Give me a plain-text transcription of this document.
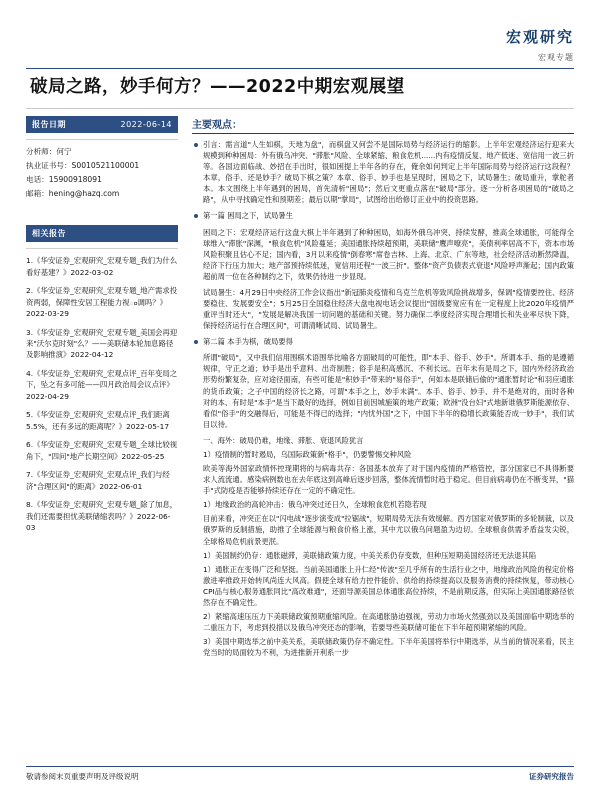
宏观研究
宏观专题
破局之路，妙手何方？——2022中期宏观展望
报告日期	2022-06-14
分析师：何宁
执业证书号：S0010521100001
电话：15900918091
邮箱：hening@hazq.com
相关报告
1.《华安证券_宏观研究_宏观专题_我们为什么看好基建？》2022-03-02
2.《华安证券_宏观研究_宏观专题_地产需求投资两弱，保障性安居工程能力视ం调吗？》2022-03-29
3.《华安证券_宏观研究_宏观专题_美国会再迎来"沃尔克时刻"么？——美联储本轮加息路径及影响推演》2022-04-12
4.《华安证券_宏观研究_宏观点评_百年变局之下，坠之有多可能——四月政治局会议点评》2022-04-29
5.《华安证券_宏观研究_宏观点评_我们距离5.5%，还有多远的距离呢？》2022-05-17
6.《华安证券_宏观研究_宏观专题_全球比较视角下，"四问"地产长期空间》2022-05-25
7.《华安证券_宏观研究_宏观点评_我们与经济"合理区间"的距离》2022-06-01
8.《华安证券_宏观研究_宏观专题_除了加息，我们还需要担忧美联储缩表吗？》2022-06-03
主要观点：
引言：需言道"人生如棋，天地为盘"，而棋盘又何尝不是国际局势与经济运行的缩影。上半年宏观经济运行迎来大规模到种种困局：外有俄乌冲突、"滞胀"风险、全球紧缩、粮食危机......内有疫情反复、地产低迷、宽信用一波三折等。各国边面临战、妙招在手出时，很如困提上半年各的存在，俺余如何判定上半年国际局势与经济运行这段程？本章，俗手、还是妙手？破局下棋之策？本章、俗手、妙手也是呈现时，困局之下，试局暑生；破局重升，掌舵者本。本文围绕上半年遇到的困局，首先清析"困局"；然后文更重点落在"破局"部分。逐一分析各项困局的"破局之路"，从中寻找确定性和预期差；最后以期"掌局"，试图给出给修订正业中的投资思路。
第一篇 困局之下，试局暑生
困局之下：宏观经济运行这盘大棋上半年遇到了种种困局，如海外俄乌冲突、持续发酵，推高全球通胀，可能得全球维入"滞胀"深渊，"粮食危机"风险蔓延；美国通胀持续超预期，美联储"鹰声嘹亮"，美债利率居高不下，资本市场风险积聚且估心不足；国内看，3月以来疫情"倒春寒"席卷吉林、上海、北京、广东等地，社会经济活动断然降温，经济下行压力加大；地产部预持续低迷，宽信用还程"一波三折"。整体"资产负债表式衰退"风险呼声渐起；国内政策超前周一位在各种制约之下，效果仍待进一步显现。
试局暑生：4月29日中央经济工作会议指出"新冠肺炎疫情和乌克兰危机等致风险挑战增多，保调"疫情要控住、经济要稳住、发展要安全"；5月25日全国稳住经济大盘电视电话会议提出"国级要宽应有在一定程度上比2020年疫情严重评当时还大"，"发展是解决我国一切问题的基础和关键。努力确保二季度经济实现合理增长和失业率尽快下降，保持经济运行在合理区间"，可谓清晰试局、试局暑生。
第二篇 本手为棋，破局要得
所谓"破局"，又中我们信用围棋术语围举比喻各方面破局的可能性，即"本手、俗手、妙手"。所谓本手、指的是遵循规律，守正之道；妙手是出乎意料、出奇制胜；俗手是积高感沉、不利长远。百年未有是局之下，国内外经济政治形势纷繁复杂，应对途径面南，有些可能是"积妙手"带来的"易俗手"，何如本是联储后偷的"通胀暂时论"和羽应通胀的货币政策；之子中国的经济长之路，可谓"本手之上，妙手未满"。本手、俗手、妙手、并不是绝对的，而时各种对的本、有时是"本手"是当下最好的选择，例如目前因城施策的地产政策；欧洲"没台妇"式地新谁俄罗斯能源依存、看似"俗手"的交融得后，可能是不得已的选择；"内忧外国"之下，中国下半年的稳增长政策能否成一妙手"，我们试目以待。
一、海外：破局仍难，地缘、滞胀、衰退风险犹言
1）疫情制的暂时遏局，乌国际政策新"格手"，仍要警惕交种风险
欧美等海外国家政情怀控现期将的与病毒共存：各国基本放弃了对于国内疫情的严格管控，部分国家已不具得断要求人流流通。感染病例数也在去年底这到高峰后逐步回落，整体流情暂时趋于稳定。但目前病毒仍在不断变异，"猫手"式防疫是否能够持续还存在一定的不确定性。
1）地缘政治的高轮冲击：俄乌冲突过还日久，全球粮食危机若隐若现
目前来看，冲突正在以"闪电战"逐步演变成"拉锯战"，短期局势无法有效缓解。西方国家对俄罗斯的多轮制裁，以及俄罗斯的反制措施，助推了全球能源与粮食价格上涨，其中尤以俄乌问题盈为边切。全球粮食供需矛盾益发尖锐，全球格局危机前景更泯。
1）美国制约仍存：通胀磁滞，美联储政策力度，中美关系仍存变数，但种压短期美国经济还无法退其陷
1）通胀正在变得广泛和坚挺。当前美国通胀上升仁经"传波"至几乎所有的生活行业之中，地缘政治风险的程定价格激进率推政开始转风尚连大风高。假使全球有给力控件能价、供给的持续提高以及服务消费的持续恢复，带动核心CPI品与核心服务通胀同比"高改难通"，还面导源美国总体通胀高位持续，不是前期反落，但实际上美国通胀路径依然存在不确定性。
2）紧缩高速压压力下美联储政策预期重缩风险。在高通胀胁迫强视，劳动力市场火然强劲以及美国面临中期选举的二重压力下，考虑到投措以及俄乌冲突还态的影响，若要导些美联储可能在下半年超预期紧缩的风险。
3）美国中期选举之前中美关系，美联储政策仍存不确定性。下半年美国将举行中期选举，从当前的情况来看，民主党当时的局面较为不利，为进推新开利系一步
敬请参阅末页重要声明及评级说明	证券研究报告
